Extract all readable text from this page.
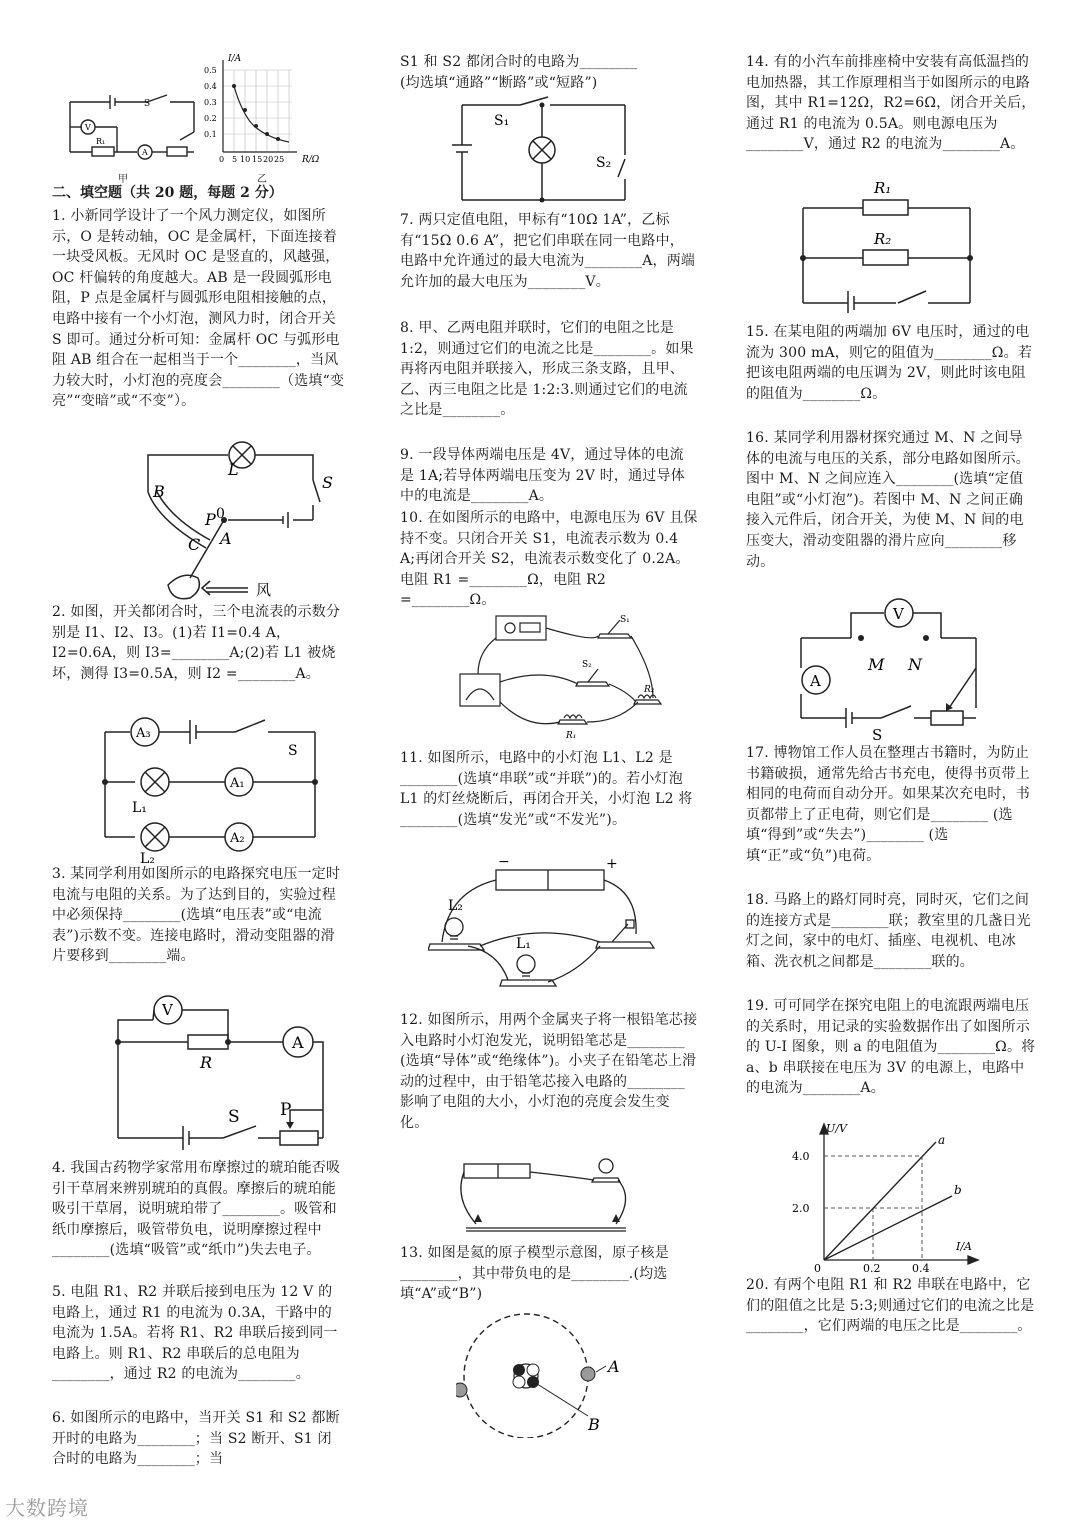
S
V
A
R₁
甲
I/A
0.5
0.4
0.3
0.2
0.1
0 5 10 15 20 25 R/Ω
乙
二、填空题（共 20 题，每题 2 分）

1. 小新同学设计了一个风力测定仪，如图所示，O 是转动轴，OC 是金属杆，下面连接着一块受风板。无风时 OC 是竖直的，风越强，OC 杆偏转的角度越大。AB 是一段圆弧形电阻，P 点是金属杆与圆弧形电阻相接触的点，电路中接有一个小灯泡，测风力时，闭合开关 S 即可。通过分析可知：金属杆 OC 与弧形电阻 AB 组合在一起相当于一个________，当风力较大时，小灯泡的亮度会________（选填“变亮”“变暗”或“不变”）。

L
S
B
P 0
C A
风

2. 如图，开关都闭合时，三个电流表的示数分别是 I1、I2、I3。(1)若 I1=0.4 A，I2=0.6A，则 I3=________A;(2)若 L1 被烧坏，测得 I3=0.5A，则 I2 =________A。

A₃
A₁
A₂
L₁
L₂
S

3. 某同学利用如图所示的电路探究电压一定时电流与电阻的关系。为了达到目的，实验过程中必须保持________(选填“电压表”或“电流表”)示数不变。连接电路时，滑动变阻器的滑片要移到________端。

V
R
A
S P

4. 我国古药物学家常用布摩擦过的琥珀能否吸引干草屑来辨别琥珀的真假。摩擦后的琥珀能吸引干草屑，说明琥珀带了________。吸管和纸巾摩擦后，吸管带负电，说明摩擦过程中________(选填“吸管”或“纸巾”)失去电子。

5. 电阻 R1、R2 并联后接到电压为 12 V 的电路上，通过 R1 的电流为 0.3A，干路中的电流为 1.5A。若将 R1、R2 串联后接到同一电路上。则 R1、R2 串联后的总电阻为________，通过 R2 的电流为________。

6. 如图所示的电路中，当开关 S1 和 S2 都断开时的电路为________；当 S2 断开、S1 闭合时的电路为________；当

S1 和 S2 都闭合时的电路为________

(均选填“通路”“断路”或“短路”)

S₁
S₂

7. 两只定值电阻，甲标有“10Ω 1A”，乙标有“15Ω 0.6 A”，把它们串联在同一电路中，电路中允许通过的最大电流为________A，两端允许加的最大电压为________V。

8. 甲、乙两电阻并联时，它们的电阻之比是 1:2，则通过它们的电流之比是________。如果再将丙电阻并联接入，形成三条支路，且甲、乙、丙三电阻之比是 1:2:3.则通过它们的电流之比是________。

9. 一段导体两端电压是 4V，通过导体的电流是 1A;若导体两端电压变为 2V 时，通过导体中的电流是________A。

10. 在如图所示的电路中，电源电压为 6V 且保持不变。只闭合开关 S1，电流表示数为 0.4 A;再闭合开关 S2，电流表示数变化了 0.2A。电阻 R1 =________Ω，电阻 R2 =________Ω。

S₁
S₂
R₂
R₁

11. 如图所示，电路中的小灯泡 L1、L2 是________(选填“串联”或“并联”)的。若小灯泡 L1 的灯丝烧断后，再闭合开关，小灯泡 L2 将________(选填“发光”或“不发光”)。

−	+
L₂
L₁

12. 如图所示，用两个金属夹子将一根铅笔芯接入电路时小灯泡发光，说明铅笔芯是________ (选填“导体”或“绝缘体”)。小夹子在铅笔芯上滑动的过程中，由于铅笔芯接入电路的________影响了电阻的大小，小灯泡的亮度会发生变化。

13. 如图是氦的原子模型示意图，原子核是________，其中带负电的是________.(均选填“A”或“B”)

A
B

14. 有的小汽车前排座椅中安装有高低温挡的电加热器，其工作原理相当于如图所示的电路图，其中 R1=12Ω，R2=6Ω，闭合开关后，通过 R1 的电流为 0.5A。则电源电压为________V，通过 R2 的电流为________A。

R₁
R₂

15. 在某电阻的两端加 6V 电压时，通过的电流为 300 mA，则它的阻值为________Ω。若把该电阻两端的电压调为 2V，则此时该电阻的阻值为________Ω。

16. 某同学利用器材探究通过 M、N 之间导体的电流与电压的关系，部分电路如图所示。图中 M、N 之间应连入________(选填“定值电阻”或“小灯泡”)。若图中 M、N 之间正确接入元件后，闭合开关，为使 M、N 间的电压变大，滑动变阻器的滑片应向________移动。

V
A
M N
S

17. 博物馆工作人员在整理古书籍时，为防止书籍破损，通常先给古书充电，使得书页带上相同的电荷而自动分开。如果某次充电时，书页都带上了正电荷，则它们是________ (选填“得到”或“失去”)________ (选填“正”或“负”)电荷。

18. 马路上的路灯同时亮，同时灭，它们之间的连接方式是________联；教室里的几盏日光灯之间，家中的电灯、插座、电视机、电冰箱、洗衣机之间都是________联的。

19. 可可同学在探究电阻上的电流跟两端电压的关系时，用记录的实验数据作出了如图所示的 U-I 图象，则 a 的电阻值为________Ω。将 a、b 串联接在电压为 3V 的电源上，电路中的电流为________A。

U/V
4.0
2.0
0	0.2	0.4
I/A
a
b

20. 有两个电阻 R1 和 R2 串联在电路中，它们的阻值之比是 5:3;则通过它们的电流之比是________，它们两端的电压之比是________。

大数跨境
